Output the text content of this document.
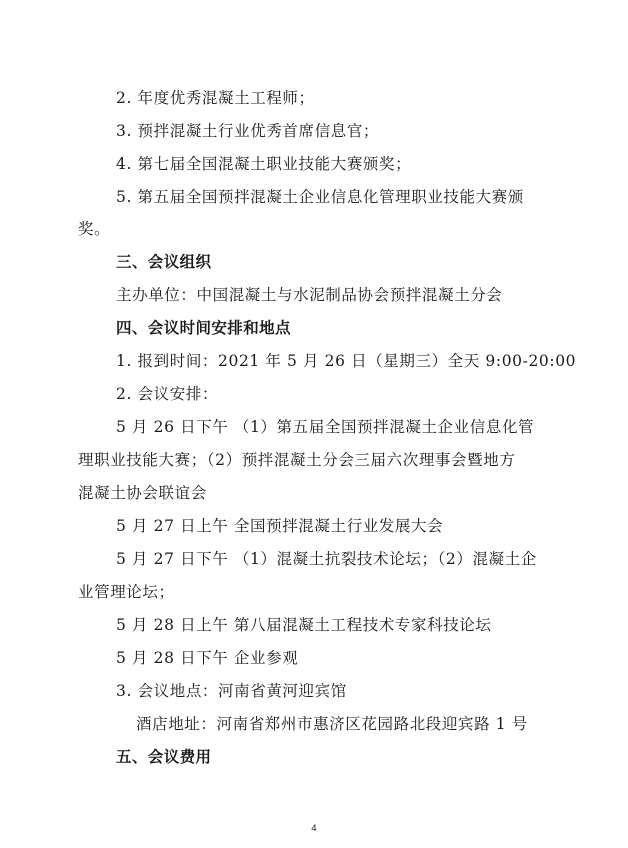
2. 年度优秀混凝土工程师；
3. 预拌混凝土行业优秀首席信息官；
4. 第七届全国混凝土职业技能大赛颁奖；
5. 第五届全国预拌混凝土企业信息化管理职业技能大赛颁
奖。
三、会议组织
主办单位：中国混凝土与水泥制品协会预拌混凝土分会
四、会议时间安排和地点
1. 报到时间：2021 年 5 月 26 日（星期三）全天 9:00-20:00
2. 会议安排：
5 月 26 日下午 （1）第五届全国预拌混凝土企业信息化管
理职业技能大赛；（2）预拌混凝土分会三届六次理事会暨地方
混凝土协会联谊会
5 月 27 日上午 全国预拌混凝土行业发展大会
5 月 27 日下午 （1）混凝土抗裂技术论坛；（2）混凝土企
业管理论坛；
5 月 28 日上午 第八届混凝土工程技术专家科技论坛
5 月 28 日下午 企业参观
3. 会议地点：河南省黄河迎宾馆
酒店地址：河南省郑州市惠济区花园路北段迎宾路 1 号
五、会议费用
4
